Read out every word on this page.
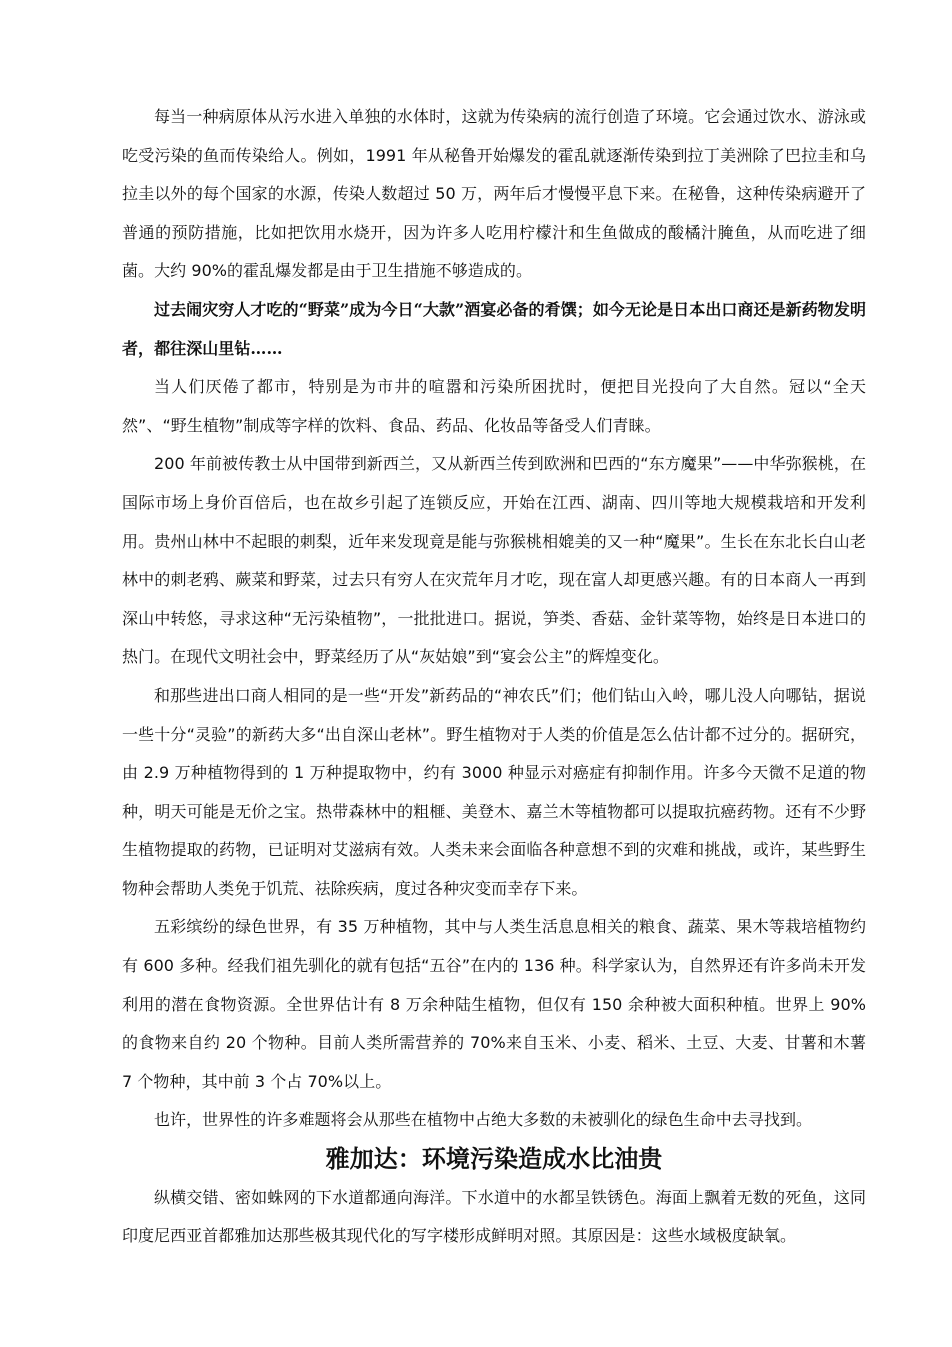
每当一种病原体从污水进入单独的水体时，这就为传染病的流行创造了环境。它会通过饮水、游泳或吃受污染的鱼而传染给人。例如，1991 年从秘鲁开始爆发的霍乱就逐渐传染到拉丁美洲除了巴拉圭和乌拉圭以外的每个国家的水源，传染人数超过 50 万，两年后才慢慢平息下来。在秘鲁，这种传染病避开了普通的预防措施，比如把饮用水烧开，因为许多人吃用柠檬汁和生鱼做成的酸橘汁腌鱼，从而吃进了细菌。大约 90%的霍乱爆发都是由于卫生措施不够造成的。

过去闹灾穷人才吃的“野菜”成为今日“大款”酒宴必备的肴馔；如今无论是日本出口商还是新药物发明者，都往深山里钻……

当人们厌倦了都市，特别是为市井的喧嚣和污染所困扰时，便把目光投向了大自然。冠以“全天然”、“野生植物”制成等字样的饮料、食品、药品、化妆品等备受人们青睐。

200 年前被传教士从中国带到新西兰，又从新西兰传到欧洲和巴西的“东方魔果”——中华弥猴桃，在国际市场上身价百倍后，也在故乡引起了连锁反应，开始在江西、湖南、四川等地大规模栽培和开发利用。贵州山林中不起眼的刺梨，近年来发现竟是能与弥猴桃相媲美的又一种“魔果”。生长在东北长白山老林中的刺老鸦、蕨菜和野菜，过去只有穷人在灾荒年月才吃，现在富人却更感兴趣。有的日本商人一再到深山中转悠，寻求这种“无污染植物”，一批批进口。据说，笋类、香菇、金针菜等物，始终是日本进口的热门。在现代文明社会中，野菜经历了从“灰姑娘”到“宴会公主”的辉煌变化。

和那些进出口商人相同的是一些“开发”新药品的“神农氏”们；他们钻山入岭，哪儿没人向哪钻，据说一些十分“灵验”的新药大多“出自深山老林”。野生植物对于人类的价值是怎么估计都不过分的。据研究，由 2.9 万种植物得到的 1 万种提取物中，约有 3000 种显示对癌症有抑制作用。许多今天微不足道的物种，明天可能是无价之宝。热带森林中的粗榧、美登木、嘉兰木等植物都可以提取抗癌药物。还有不少野生植物提取的药物，已证明对艾滋病有效。人类未来会面临各种意想不到的灾难和挑战，或许，某些野生物种会帮助人类免于饥荒、祛除疾病，度过各种灾变而幸存下来。

五彩缤纷的绿色世界，有 35 万种植物，其中与人类生活息息相关的粮食、蔬菜、果木等栽培植物约有 600 多种。经我们祖先驯化的就有包括“五谷”在内的 136 种。科学家认为，自然界还有许多尚未开发利用的潜在食物资源。全世界估计有 8 万余种陆生植物，但仅有 150 余种被大面积种植。世界上 90%的食物来自约 20 个物种。目前人类所需营养的 70%来自玉米、小麦、稻米、土豆、大麦、甘薯和木薯 7 个物种，其中前 3 个占 70%以上。

也许，世界性的许多难题将会从那些在植物中占绝大多数的未被驯化的绿色生命中去寻找到。

雅加达：环境污染造成水比油贵

纵横交错、密如蛛网的下水道都通向海洋。下水道中的水都呈铁锈色。海面上飘着无数的死鱼，这同印度尼西亚首都雅加达那些极其现代化的写字楼形成鲜明对照。其原因是：这些水域极度缺氧。
